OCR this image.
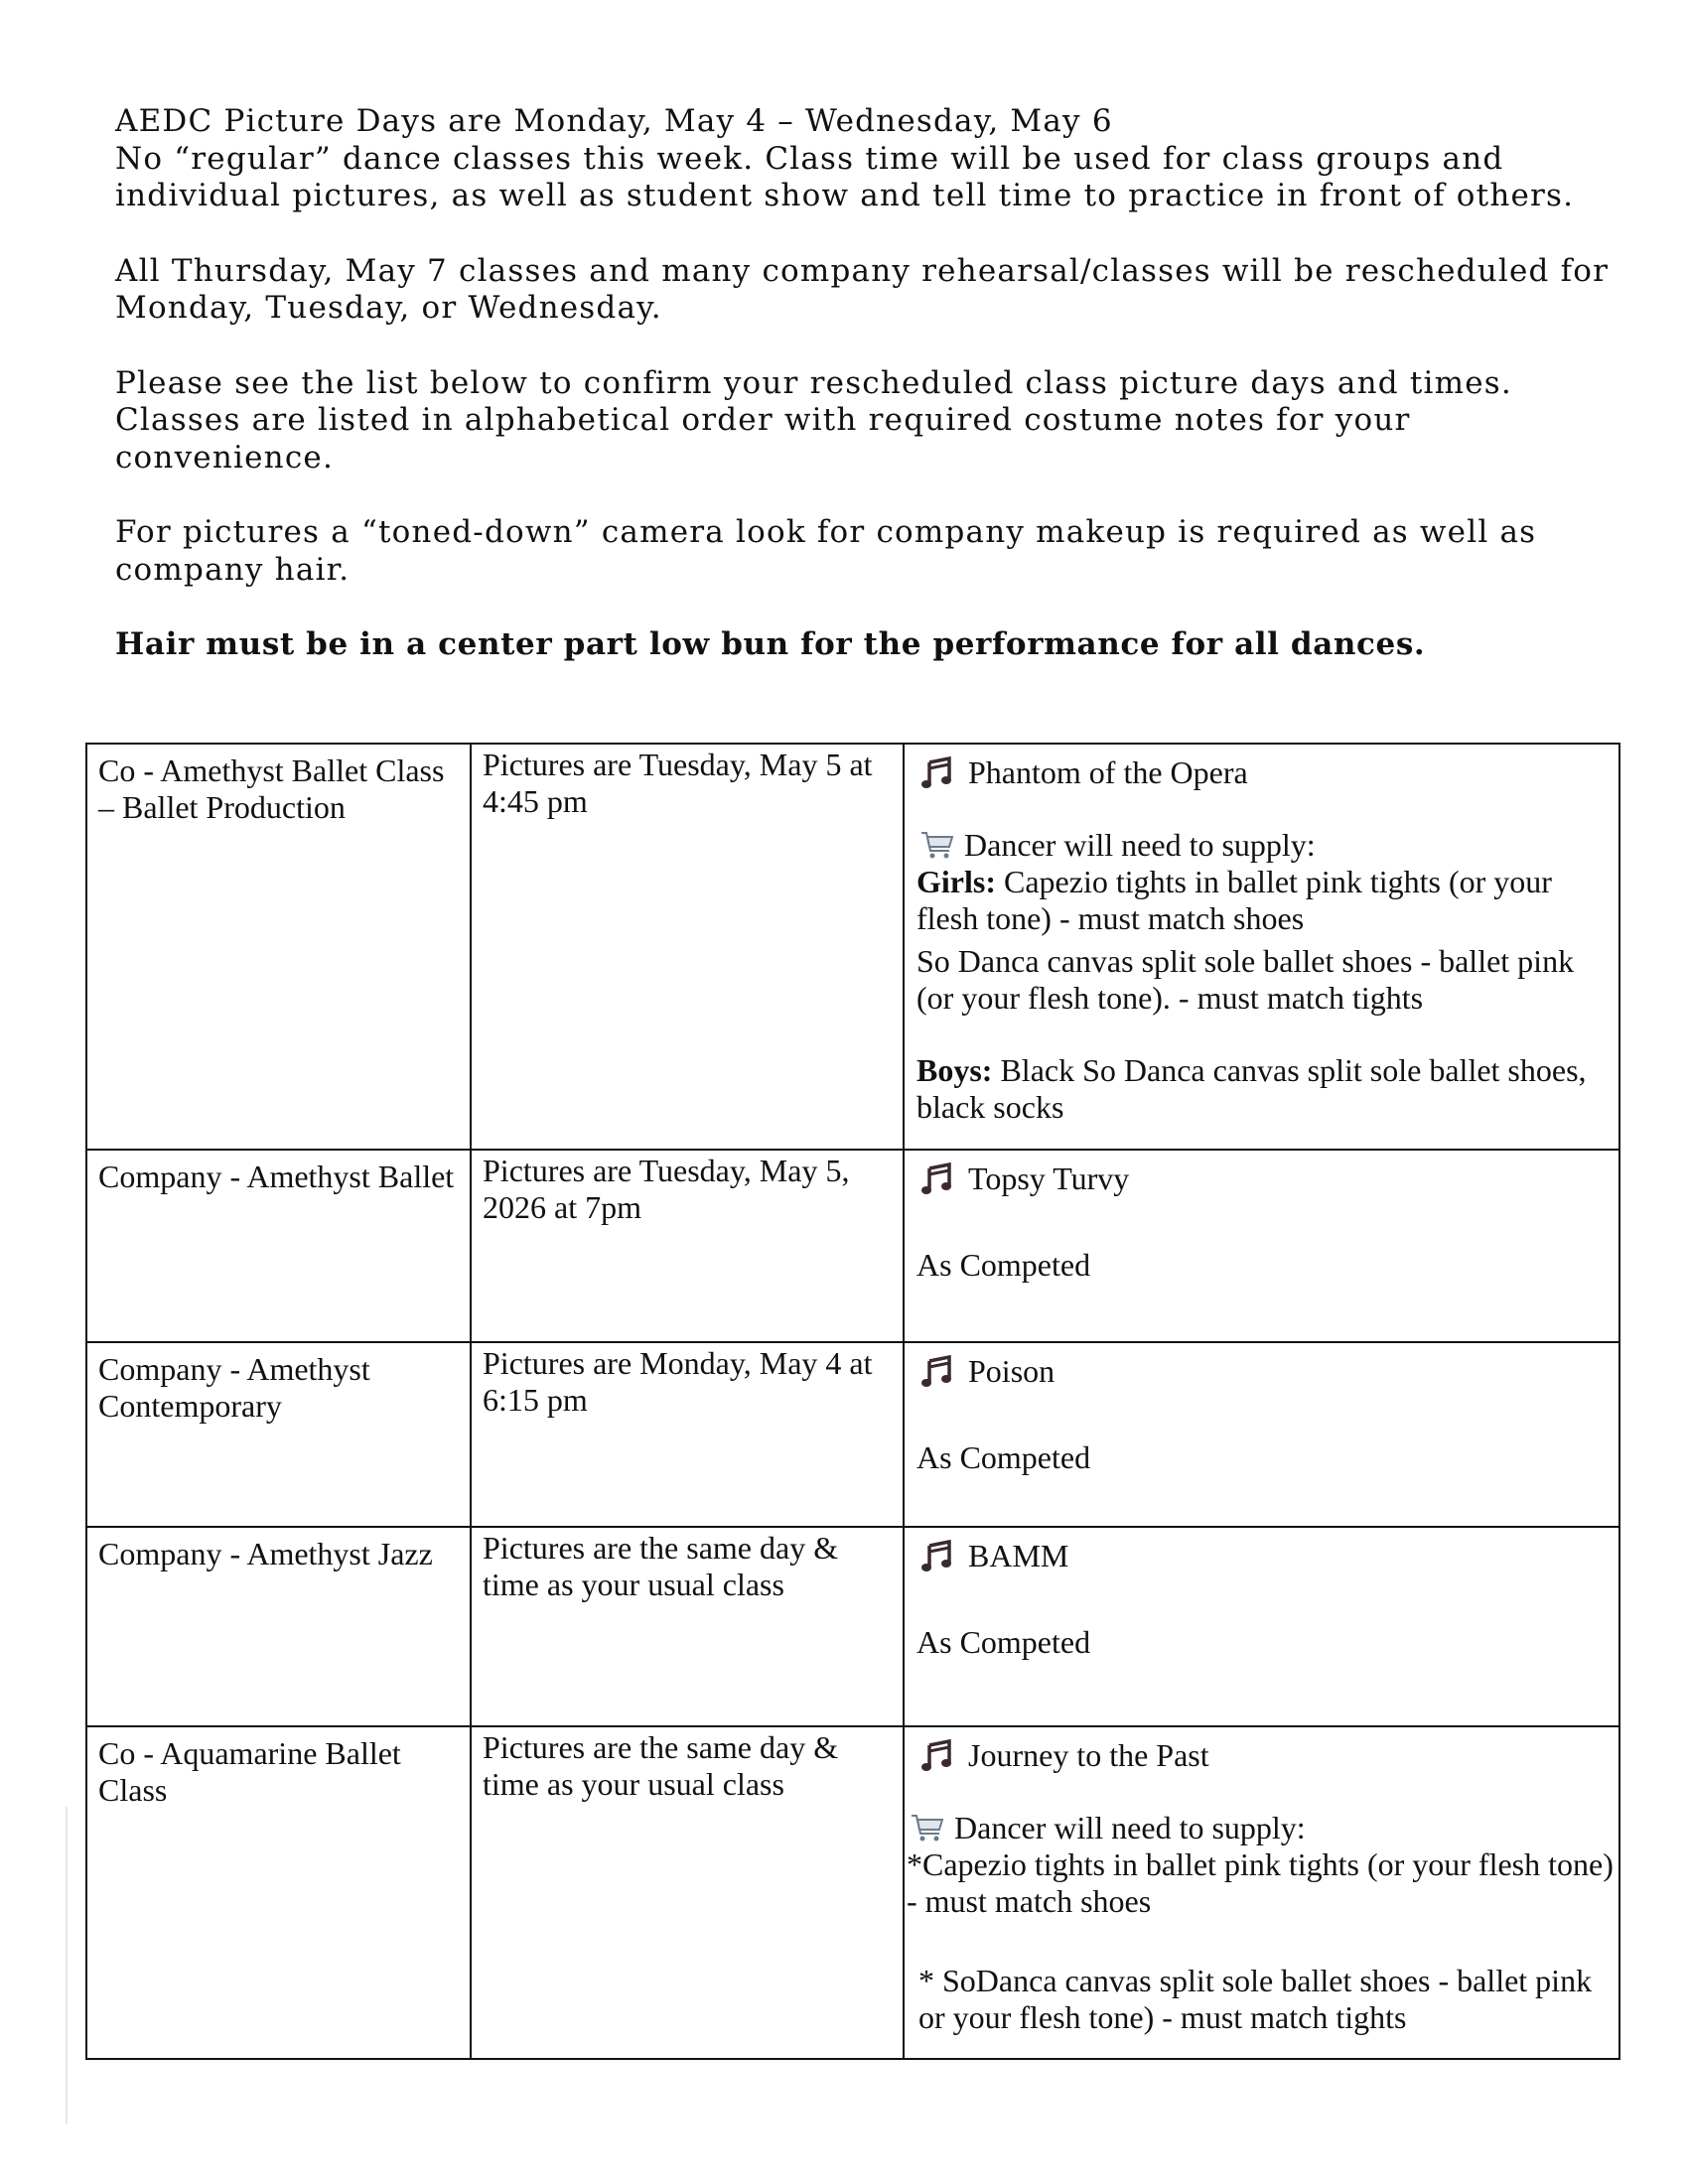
AEDC Picture Days are Monday, May 4 – Wednesday, May 6
No “regular” dance classes this week. Class time will be used for class groups and individual pictures, as well as student show and tell time to practice in front of others.

All Thursday, May 7 classes and many company rehearsal/classes will be rescheduled for Monday, Tuesday, or Wednesday.

Please see the list below to confirm your rescheduled class picture days and times. Classes are listed in alphabetical order with required costume notes for your convenience.

For pictures a “toned-down” camera look for company makeup is required as well as company hair.

Hair must be in a center part low bun for the performance for all dances.

Co - Amethyst Ballet Class – Ballet Production	Pictures are Tuesday, May 5 at 4:45 pm	Phantom of the Opera
Dancer will need to supply:
Girls: Capezio tights in ballet pink tights (or your flesh tone) - must match shoes
So Danca canvas split sole ballet shoes - ballet pink (or your flesh tone). - must match tights
Boys: Black So Danca canvas split sole ballet shoes, black socks

Company - Amethyst Ballet	Pictures are Tuesday, May 5, 2026 at 7pm	Topsy Turvy
As Competed

Company - Amethyst Contemporary	Pictures are Monday, May 4 at 6:15 pm	Poison
As Competed

Company - Amethyst Jazz	Pictures are the same day & time as your usual class	BAMM
As Competed

Co - Aquamarine Ballet Class	Pictures are the same day & time as your usual class	Journey to the Past
Dancer will need to supply:
*Capezio tights in ballet pink tights (or your flesh tone) - must match shoes
* SoDanca canvas split sole ballet shoes - ballet pink or your flesh tone) - must match tights
